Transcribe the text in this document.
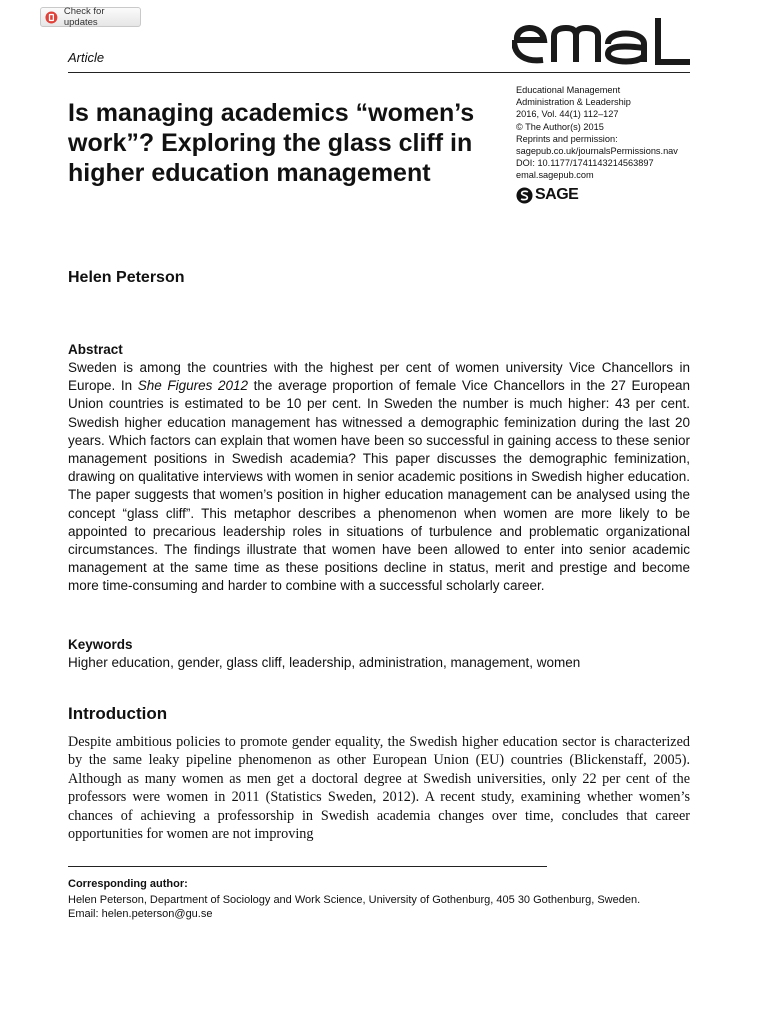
Check for updates
Article
Educational Management
Administration & Leadership
2016, Vol. 44(1) 112–127
© The Author(s) 2015
Reprints and permission:
sagepub.co.uk/journalsPermissions.nav
DOI: 10.1177/1741143214563897
emal.sagepub.com
SAGE
Is managing academics “women’s work”? Exploring the glass cliff in higher education management
Helen Peterson
Abstract

Sweden is among the countries with the highest per cent of women university Vice Chancellors in Europe. In She Figures 2012 the average proportion of female Vice Chancellors in the 27 European Union countries is estimated to be 10 per cent. In Sweden the number is much higher: 43 per cent. Swedish higher education management has witnessed a demographic feminization during the last 20 years. Which factors can explain that women have been so successful in gaining access to these senior management positions in Swedish academia? This paper discusses the demographic feminization, drawing on qualitative interviews with women in senior academic positions in Swedish higher education. The paper suggests that women’s position in higher education management can be analysed using the concept “glass cliff”. This metaphor describes a phenomenon when women are more likely to be appointed to precarious leadership roles in situations of turbulence and problematic organizational circumstances. The findings illustrate that women have been allowed to enter into senior academic management at the same time as these positions decline in status, merit and prestige and become more time-consuming and harder to combine with a successful scholarly career.

Keywords
Higher education, gender, glass cliff, leadership, administration, management, women
Introduction

Despite ambitious policies to promote gender equality, the Swedish higher education sector is characterized by the same leaky pipeline phenomenon as other European Union (EU) countries (Blickenstaff, 2005). Although as many women as men get a doctoral degree at Swedish universities, only 22 per cent of the professors were women in 2011 (Statistics Sweden, 2012). A recent study, examining whether women’s chances of achieving a professorship in Swedish academia changes over time, concludes that career opportunities for women are not improving

Corresponding author:
Helen Peterson, Department of Sociology and Work Science, University of Gothenburg, 405 30 Gothenburg, Sweden.
Email: helen.peterson@gu.se
